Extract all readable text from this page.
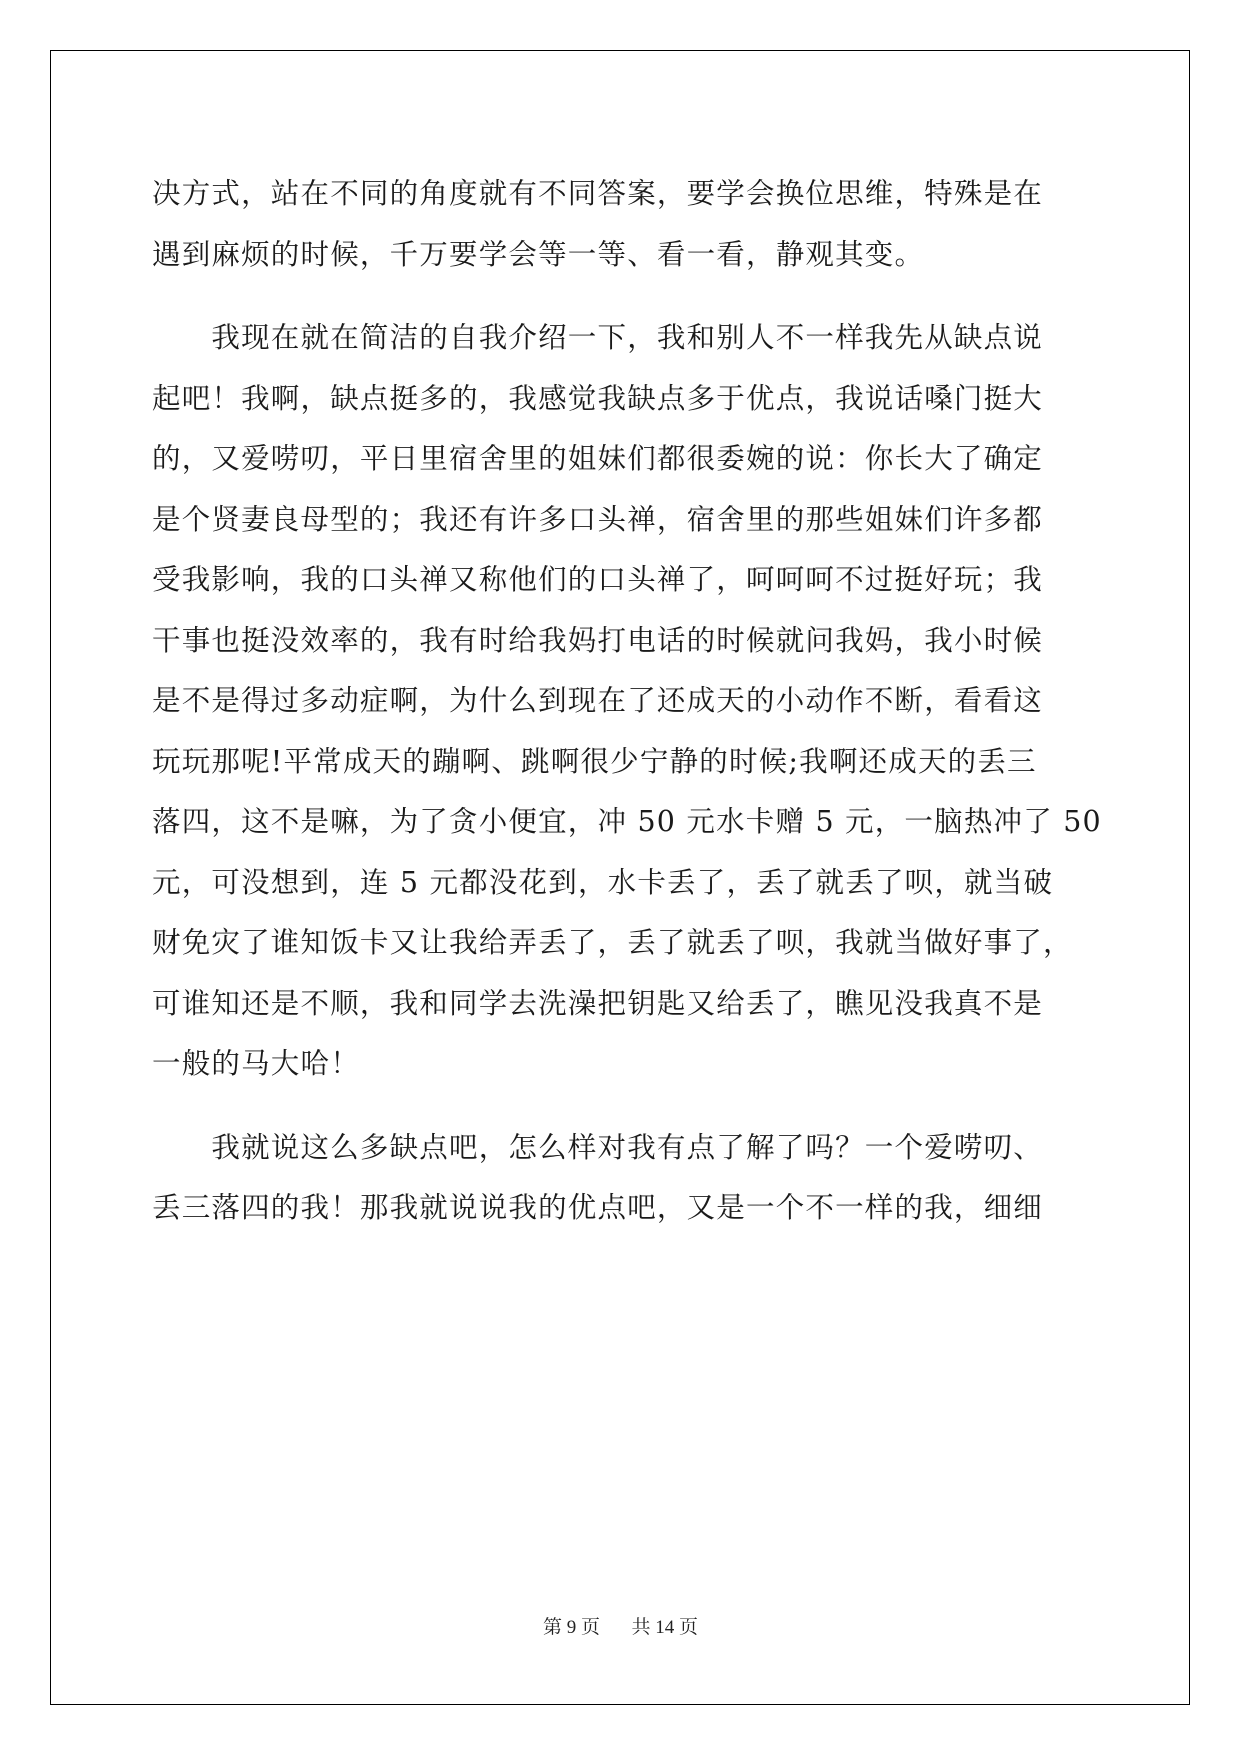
决方式，站在不同的角度就有不同答案，要学会换位思维，特殊是在
遇到麻烦的时候，千万要学会等一等、看一看，静观其变。
　　我现在就在简洁的自我介绍一下，我和别人不一样我先从缺点说
起吧！我啊，缺点挺多的，我感觉我缺点多于优点，我说话嗓门挺大
的，又爱唠叨，平日里宿舍里的姐妹们都很委婉的说：你长大了确定
是个贤妻良母型的；我还有许多口头禅，宿舍里的那些姐妹们许多都
受我影响，我的口头禅又称他们的口头禅了，呵呵呵不过挺好玩；我
干事也挺没效率的，我有时给我妈打电话的时候就问我妈，我小时候
是不是得过多动症啊，为什么到现在了还成天的小动作不断，看看这
玩玩那呢!平常成天的蹦啊、跳啊很少宁静的时候;我啊还成天的丢三
落四，这不是嘛，为了贪小便宜，冲 50 元水卡赠 5 元，一脑热冲了 50
元，可没想到，连 5 元都没花到，水卡丢了，丢了就丢了呗，就当破
财免灾了谁知饭卡又让我给弄丢了，丢了就丢了呗，我就当做好事了，
可谁知还是不顺，我和同学去洗澡把钥匙又给丢了，瞧见没我真不是
一般的马大哈！
　　我就说这么多缺点吧，怎么样对我有点了解了吗？一个爱唠叨、
丢三落四的我！那我就说说我的优点吧，又是一个不一样的我，细细
第 9 页 共 14 页
